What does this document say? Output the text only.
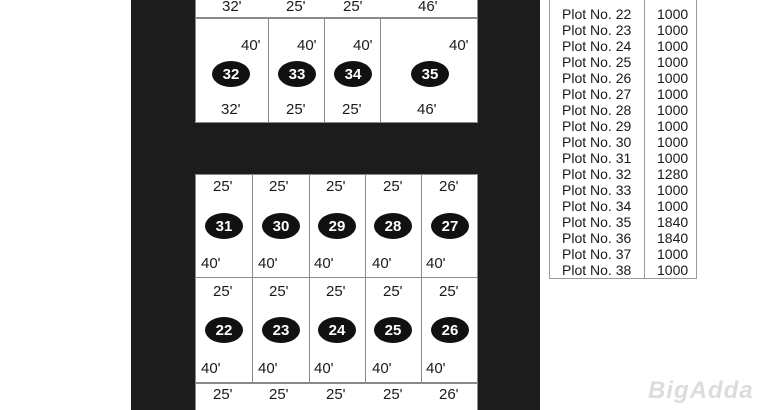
32'	25' 25'	46'
40' 40' 40'	40'
32	33	34	35
32'	25' 25'	46'
25' 25' 25' 25' 26'
31	30	29	28	27
40' 40' 40'	40' 40'
25' 25' 25' 25' 25'
22	23	24	25	26
40' 40' 40'	40' 40'
25' 25' 25' 25' 26'

Plot No. 22	1000
Plot No. 23	1000
Plot No. 24	1000
Plot No. 25	1000
Plot No. 26	1000
Plot No. 27	1000
Plot No. 28	1000
Plot No. 29	1000
Plot No. 30	1000
Plot No. 31	1000
Plot No. 32	1280
Plot No. 33	1000
Plot No. 34	1000
Plot No. 35	1840
Plot No. 36	1840
Plot No. 37	1000
Plot No. 38	1000
BigAdda
